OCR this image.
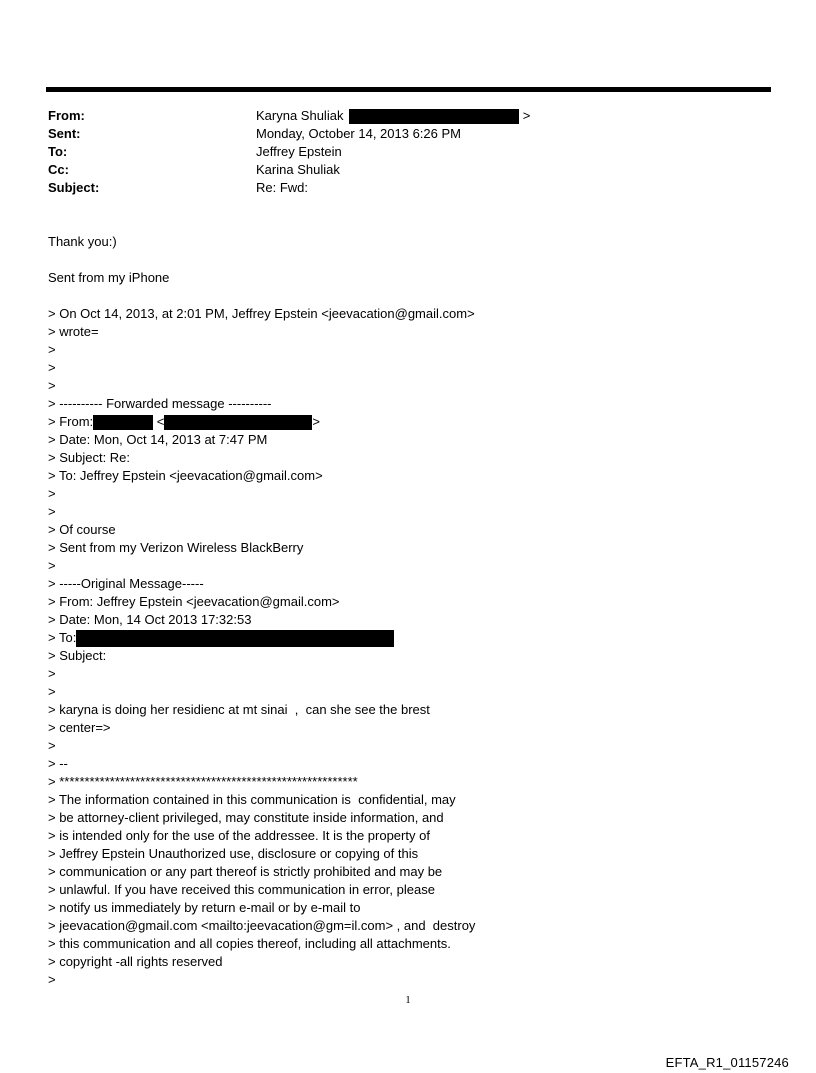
From:	Karyna Shuliak	>
Sent:	Monday, October 14, 2013 6:26 PM
To:	Jeffrey Epstein
Cc:	Karina Shuliak
Subject:	Re: Fwd:
Thank you:)
Sent from my iPhone
> On Oct 14, 2013, at 2:01 PM, Jeffrey Epstein <jeevacation@gmail.com>
> wrote=
>
>
>
> ---------- Forwarded message ----------
> From:	<	>
> Date: Mon, Oct 14, 2013 at 7:47 PM
> Subject: Re:
> To: Jeffrey Epstein <jeevacation@gmail.com>
>
>
> Of course
> Sent from my Verizon Wireless BlackBerry
>
> -----Original Message-----
> From: Jeffrey Epstein <jeevacation@gmail.com>
> Date: Mon, 14 Oct 2013 17:32:53
> To:
> Subject:
>
>
> karyna is doing her residienc at mt sinai  ,  can she see the brest
> center=>
>
> --
> ***********************************************************
> The information contained in this communication is  confidential, may
> be attorney-client privileged, may constitute inside information, and
> is intended only for the use of the addressee. It is the property of
> Jeffrey Epstein Unauthorized use, disclosure or copying of this
> communication or any part thereof is strictly prohibited and may be
> unlawful. If you have received this communication in error, please
> notify us immediately by return e-mail or by e-mail to
> jeevacation@gmail.com <mailto:jeevacation@gm=il.com> , and  destroy
> this communication and all copies thereof, including all attachments.
> copyright -all rights reserved
>
1
EFTA_R1_01157246
